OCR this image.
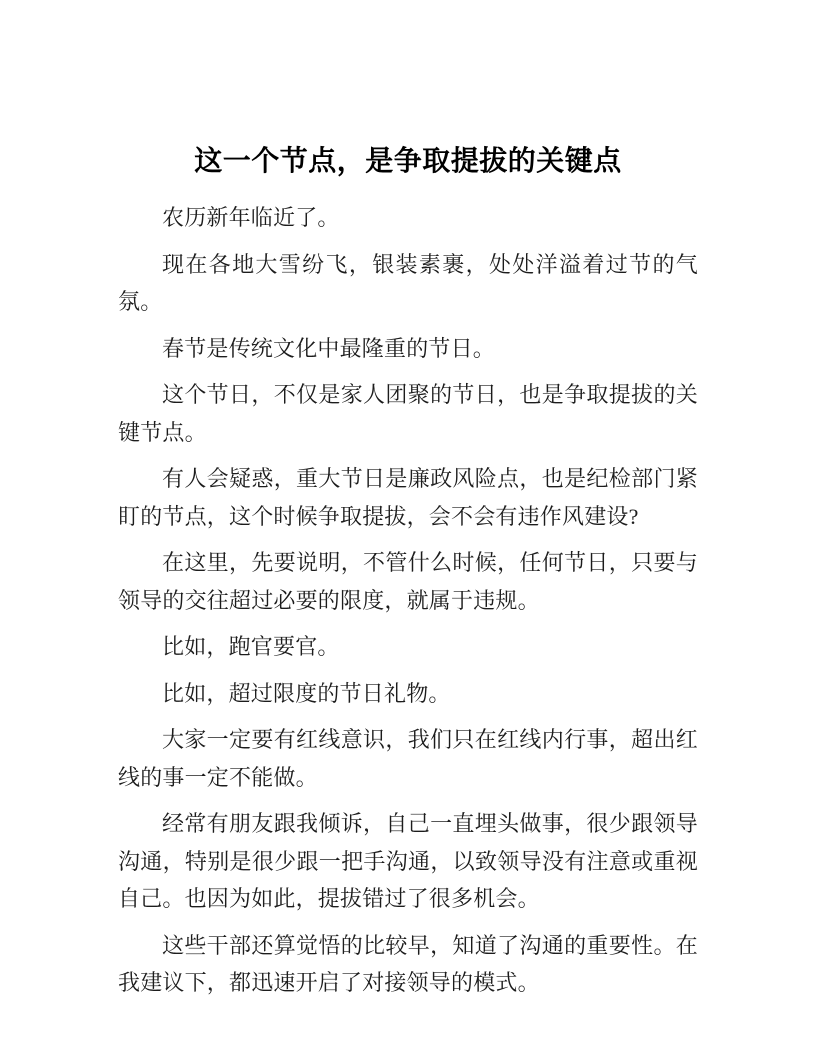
这一个节点，是争取提拔的关键点

农历新年临近了。

现在各地大雪纷飞，银装素裹，处处洋溢着过节的气氛。

春节是传统文化中最隆重的节日。

这个节日，不仅是家人团聚的节日，也是争取提拔的关键节点。

有人会疑惑，重大节日是廉政风险点，也是纪检部门紧盯的节点，这个时候争取提拔，会不会有违作风建设?

在这里，先要说明，不管什么时候，任何节日，只要与领导的交往超过必要的限度，就属于违规。

比如，跑官要官。

比如，超过限度的节日礼物。

大家一定要有红线意识，我们只在红线内行事，超出红线的事一定不能做。

经常有朋友跟我倾诉，自己一直埋头做事，很少跟领导沟通，特别是很少跟一把手沟通，以致领导没有注意或重视自己。也因为如此，提拔错过了很多机会。

这些干部还算觉悟的比较早，知道了沟通的重要性。在我建议下，都迅速开启了对接领导的模式。
